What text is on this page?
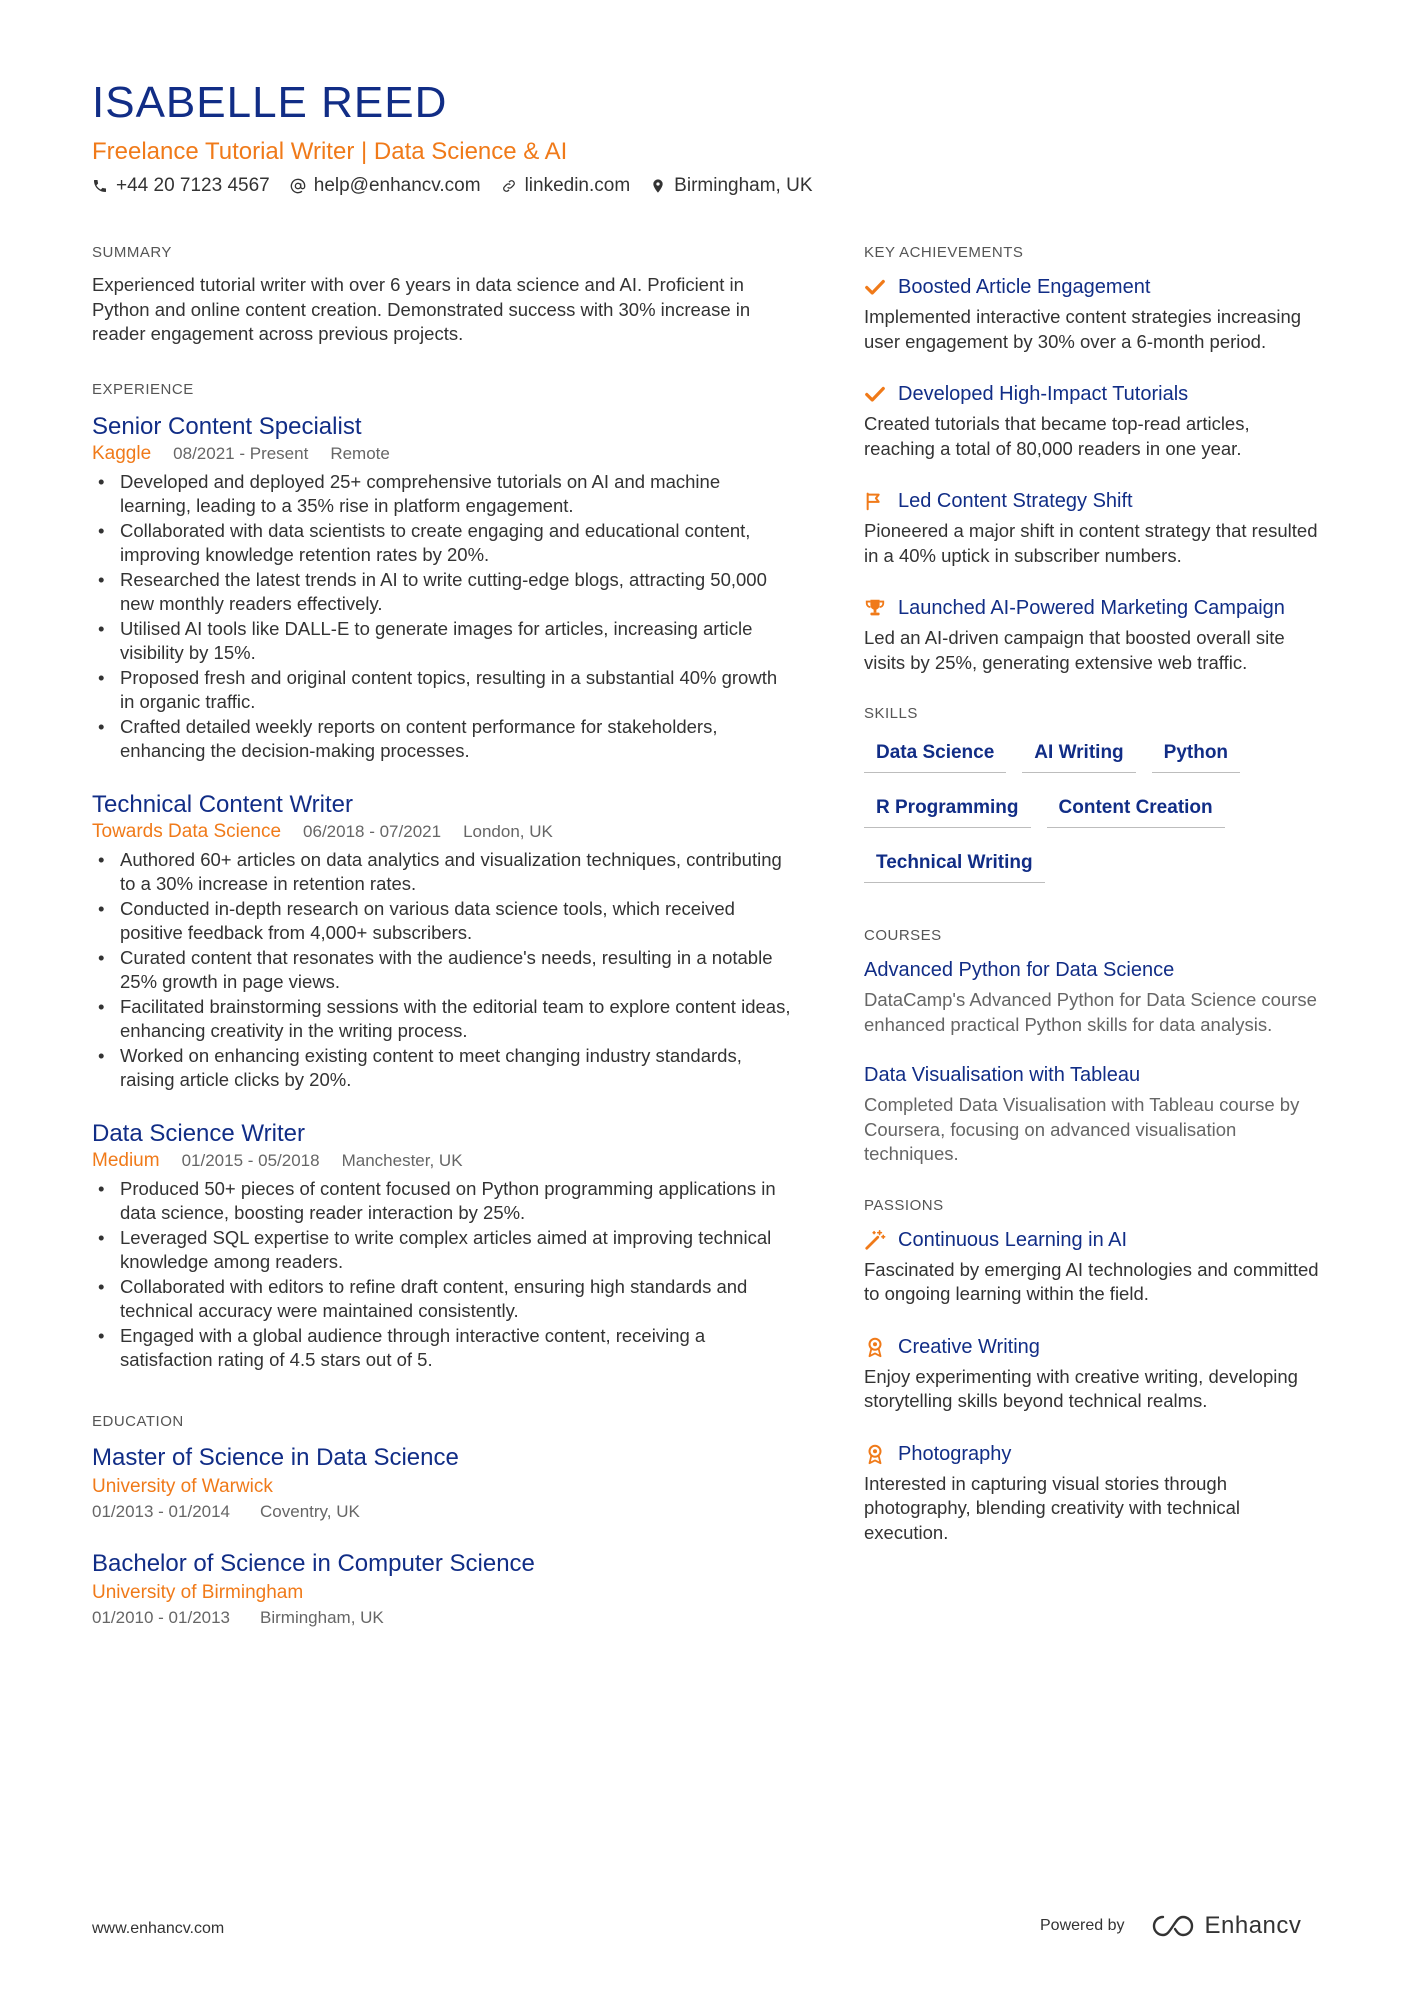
ISABELLE REED
Freelance Tutorial Writer | Data Science & AI
+44 20 7123 4567 help@enhancv.com linkedin.com Birmingham, UK
SUMMARY

Experienced tutorial writer with over 6 years in data science and AI. Proficient in Python and online content creation. Demonstrated success with 30% increase in reader engagement across previous projects.

EXPERIENCE
Senior Content Specialist
Kaggle 08/2021 - Present Remote
• Developed and deployed 25+ comprehensive tutorials on AI and machine learning, leading to a 35% rise in platform engagement.
• Collaborated with data scientists to create engaging and educational content, improving knowledge retention rates by 20%.
• Researched the latest trends in AI to write cutting-edge blogs, attracting 50,000 new monthly readers effectively.
• Utilised AI tools like DALL-E to generate images for articles, increasing article visibility by 15%.
• Proposed fresh and original content topics, resulting in a substantial 40% growth in organic traffic.
• Crafted detailed weekly reports on content performance for stakeholders, enhancing the decision-making processes.
Technical Content Writer
Towards Data Science 06/2018 - 07/2021 London, UK
• Authored 60+ articles on data analytics and visualization techniques, contributing to a 30% increase in retention rates.
• Conducted in-depth research on various data science tools, which received positive feedback from 4,000+ subscribers.
• Curated content that resonates with the audience's needs, resulting in a notable 25% growth in page views.
• Facilitated brainstorming sessions with the editorial team to explore content ideas, enhancing creativity in the writing process.
• Worked on enhancing existing content to meet changing industry standards, raising article clicks by 20%.
Data Science Writer
Medium 01/2015 - 05/2018 Manchester, UK
• Produced 50+ pieces of content focused on Python programming applications in data science, boosting reader interaction by 25%.
• Leveraged SQL expertise to write complex articles aimed at improving technical knowledge among readers.
• Collaborated with editors to refine draft content, ensuring high standards and technical accuracy were maintained consistently.
• Engaged with a global audience through interactive content, receiving a satisfaction rating of 4.5 stars out of 5.
EDUCATION
Master of Science in Data Science
University of Warwick
01/2013 - 01/2014 Coventry, UK
Bachelor of Science in Computer Science
University of Birmingham
01/2010 - 01/2013 Birmingham, UK
KEY ACHIEVEMENTS
Boosted Article Engagement

Implemented interactive content strategies increasing user engagement by 30% over a 6-month period.

Developed High-Impact Tutorials

Created tutorials that became top-read articles, reaching a total of 80,000 readers in one year.

Led Content Strategy Shift

Pioneered a major shift in content strategy that resulted in a 40% uptick in subscriber numbers.

Launched AI-Powered Marketing Campaign

Led an AI-driven campaign that boosted overall site visits by 25%, generating extensive web traffic.

SKILLS
Data Science	AI Writing	Python
R Programming	Content Creation
Technical Writing
COURSES
Advanced Python for Data Science

DataCamp's Advanced Python for Data Science course enhanced practical Python skills for data analysis.

Data Visualisation with Tableau

Completed Data Visualisation with Tableau course by Coursera, focusing on advanced visualisation techniques.

PASSIONS
Continuous Learning in AI

Fascinated by emerging AI technologies and committed to ongoing learning within the field.

Creative Writing

Enjoy experimenting with creative writing, developing storytelling skills beyond technical realms.

Photography

Interested in capturing visual stories through photography, blending creativity with technical execution.

www.enhancv.com	Powered by	Enhancv
